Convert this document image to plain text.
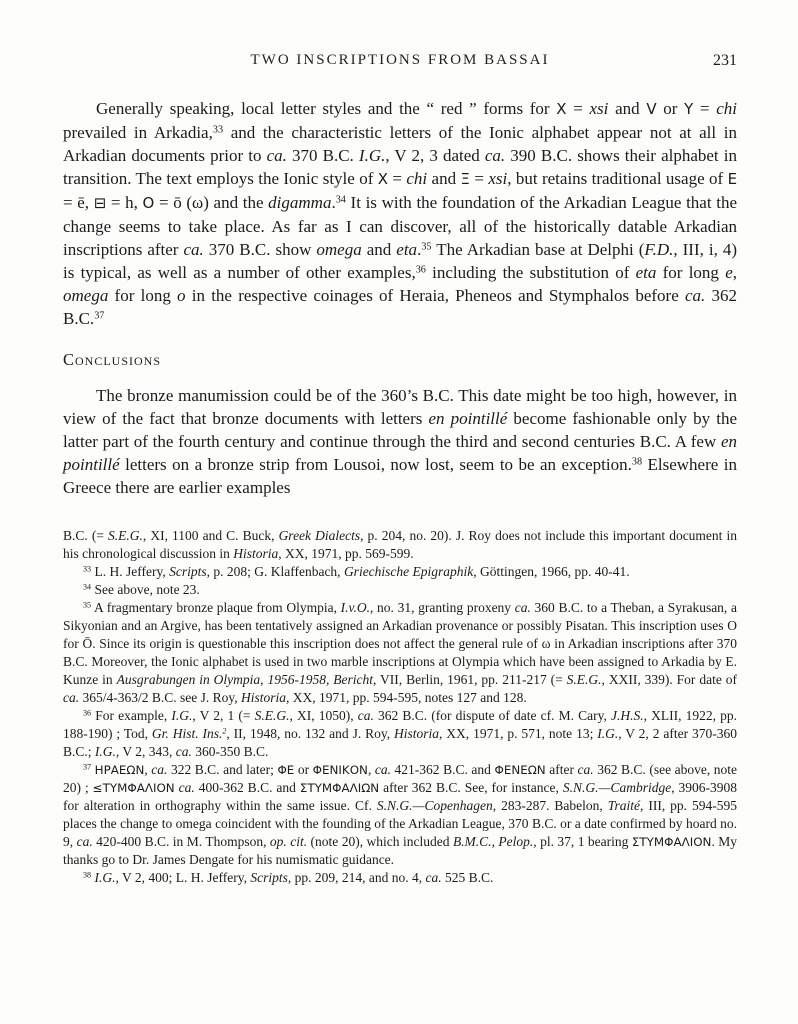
TWO INSCRIPTIONS FROM BASSAI	231

Generally speaking, local letter styles and the “ red ” forms for X = xsi and V or Y = chi prevailed in Arkadia,$^{33}$ and the characteristic letters of the Ionic alphabet appear not at all in Arkadian documents prior to ca. 370 B.C. I.G., V 2, 3 dated ca. 390 B.C. shows their alphabet in transition. The text employs the Ionic style of X = chi and Ξ = xsi, but retains traditional usage of E = ē, ⊟ = h, O = ō (ω) and the digamma.$^{34}$ It is with the foundation of the Arkadian League that the change seems to take place. As far as I can discover, all of the historically datable Arkadian inscriptions after ca. 370 B.C. show omega and eta.$^{35}$ The Arkadian base at Delphi (F.D., III, i, 4) is typical, as well as a number of other examples,$^{36}$ including the substitution of eta for long e, omega for long o in the respective coinages of Heraia, Pheneos and Stymphalos before ca. 362 B.C.$^{37}$

Conclusions

The bronze manumission could be of the 360’s B.C. This date might be too high, however, in view of the fact that bronze documents with letters en pointillé become fashionable only by the latter part of the fourth century and continue through the third and second centuries B.C. A few en pointillé letters on a bronze strip from Lousoi, now lost, seem to be an exception.$^{38}$ Elsewhere in Greece there are earlier examples

B.C. (= S.E.G., XI, 1100 and C. Buck, Greek Dialects, p. 204, no. 20). J. Roy does not include this important document in his chronological discussion in Historia, XX, 1971, pp. 569-599.

$^{33}$ L. H. Jeffery, Scripts, p. 208; G. Klaffenbach, Griechische Epigraphik, Göttingen, 1966, pp. 40-41.

$^{34}$ See above, note 23.

$^{35}$ A fragmentary bronze plaque from Olympia, I.v.O., no. 31, granting proxeny ca. 360 B.C. to a Theban, a Syrakusan, a Sikyonian and an Argive, has been tentatively assigned an Arkadian provenance or possibly Pisatan. This inscription uses O for Ō. Since its origin is questionable this inscription does not affect the general rule of ω in Arkadian inscriptions after 370 B.C. Moreover, the Ionic alphabet is used in two marble inscriptions at Olympia which have been assigned to Arkadia by E. Kunze in Ausgrabungen in Olympia, 1956-1958, Bericht, VII, Berlin, 1961, pp. 211-217 (= S.E.G., XXII, 339). For date of ca. 365/4-363/2 B.C. see J. Roy, Historia, XX, 1971, pp. 594-595, notes 127 and 128.

$^{36}$ For example, I.G., V 2, 1 (= S.E.G., XI, 1050), ca. 362 B.C. (for dispute of date cf. M. Cary, J.H.S., XLII, 1922, pp. 188-190) ; Tod, Gr. Hist. Ins.$^2$, II, 1948, no. 132 and J. Roy, Historia, XX, 1971, p. 571, note 13; I.G., V 2, 2 after 370-360 B.C.; I.G., V 2, 343, ca. 360-350 B.C.

$^{37}$ ΗΡΑΕΩΝ, ca. 322 B.C. and later; ΦΕ or ΦΕΝΙΚΟΝ, ca. 421-362 B.C. and ΦΕΝΕΩΝ after ca. 362 B.C. (see above, note 20) ; ≤ΤΥΜΦΑΛΙΟΝ ca. 400-362 B.C. and ΣΤΥΜΦΑΛΙΩΝ after 362 B.C. See, for instance, S.N.G.—Cambridge, 3906-3908 for alteration in orthography within the same issue. Cf. S.N.G.—Copenhagen, 283-287. Babelon, Traité, III, pp. 594-595 places the change to omega coincident with the founding of the Arkadian League, 370 B.C. or a date confirmed by hoard no. 9, ca. 420-400 B.C. in M. Thompson, op. cit. (note 20), which included B.M.C., Pelop., pl. 37, 1 bearing ΣΤΥΜΦΑΛΙΟΝ. My thanks go to Dr. James Dengate for his numismatic guidance.

$^{38}$ I.G., V 2, 400; L. H. Jeffery, Scripts, pp. 209, 214, and no. 4, ca. 525 B.C.
